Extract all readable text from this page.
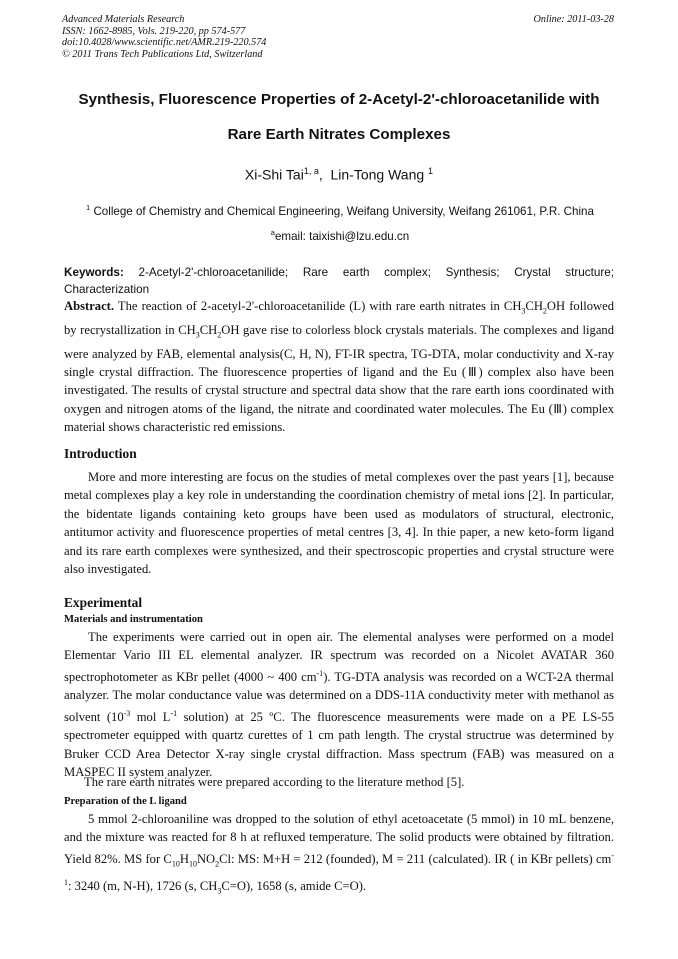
Advanced Materials Research
ISSN: 1662-8985, Vols. 219-220, pp 574-577
doi:10.4028/www.scientific.net/AMR.219-220.574
© 2011 Trans Tech Publications Ltd, Switzerland
Online: 2011-03-28
Synthesis, Fluorescence Properties of 2-Acetyl-2'-chloroacetanilide with
Rare Earth Nitrates Complexes
Xi-Shi Tai$^{1, a}$, Lin-Tong Wang $^1$
$^1$ College of Chemistry and Chemical Engineering, Weifang University, Weifang 261061, P.R. China
$^a$email: taixishi@lzu.edu.cn
Keywords: 2-Acetyl-2'-chloroacetanilide; Rare earth complex; Synthesis; Crystal structure; Characterization
Abstract. The reaction of 2-acetyl-2'-chloroacetanilide (L) with rare earth nitrates in $CH_3CH_2OH$ followed by recrystallization in $CH_3CH_2OH$ gave rise to colorless block crystals materials. The complexes and ligand were analyzed by FAB, elemental analysis(C, H, N), FT-IR spectra, TG-DTA, molar conductivity and X-ray single crystal diffraction. The fluorescence properties of ligand and the Eu (Ⅲ) complex also have been investigated. The results of crystal structure and spectral data show that the rare earth ions coordinated with oxygen and nitrogen atoms of the ligand, the nitrate and coordinated water molecules. The Eu (Ⅲ) complex material shows characteristic red emissions.
Introduction
More and more interesting are focus on the studies of metal complexes over the past years [1], because metal complexes play a key role in understanding the coordination chemistry of metal ions [2]. In particular, the bidentate ligands containing keto groups have been used as modulators of structural, electronic, antitumor activity and fluorescence properties of metal centres [3, 4]. In thie paper, a new keto-form ligand and its rare earth complexes were synthesized, and their spectroscopic properties and crystal structure were also investigated.
Experimental
Materials and instrumentation
The experiments were carried out in open air. The elemental analyses were performed on a model Elementar Vario III EL elemental analyzer. IR spectrum was recorded on a Nicolet AVATAR 360 spectrophotometer as KBr pellet (4000 ~ 400 $cm^{-1}$). TG-DTA analysis was recorded on a WCT-2A thermal analyzer. The molar conductance value was determined on a DDS-11A conductivity meter with methanol as solvent ($10^{-3}$ mol $L^{-1}$ solution) at 25 ºC. The fluorescence measurements were made on a PE LS-55 spectrometer equipped with quartz curettes of 1 cm path length. The crystal structrue was determined by Bruker CCD Area Detector X-ray single crystal diffraction. Mass spectrum (FAB) was measured on a MASPEC II system analyzer.
The rare earth nitrates were prepared according to the literature method [5].
Preparation of the L ligand
5 mmol 2-chloroaniline was dropped to the solution of ethyl acetoacetate (5 mmol) in 10 mL benzene, and the mixture was reacted for 8 h at refluxed temperature. The solid products were obtained by filtration. Yield 82%. MS for $C_{10}H_{10}NO_2Cl$: MS: M+H = 212 (founded), M = 211 (calculated). IR ( in KBr pellets) $cm^{-1}$: 3240 (m, N-H), 1726 (s, $CH_3C=O$), 1658 (s, amide C=O).
